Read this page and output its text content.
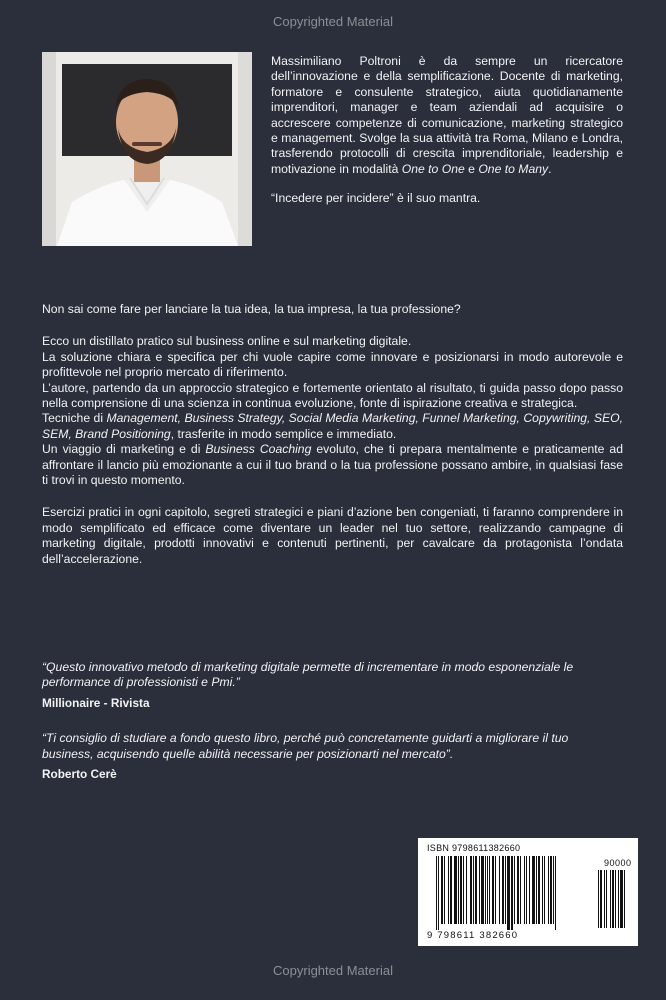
Copyrighted Material

Massimiliano Poltroni è da sempre un ricercatore dell’innovazione e della semplificazione. Docente di marketing, formatore e consulente strategico, aiuta quotidianamente imprenditori, manager e team aziendali ad acquisire o accrescere competenze di comunicazione, marketing strategico e management. Svolge la sua attività tra Roma, Milano e Londra, trasferendo protocolli di crescita imprenditoriale, leadership e motivazione in modalità One to One e One to Many.

“Incedere per incidere” è il suo mantra.

Non sai come fare per lanciare la tua idea, la tua impresa, la tua professione?

Ecco un distillato pratico sul business online e sul marketing digitale.

La soluzione chiara e specifica per chi vuole capire come innovare e posizionarsi in modo autorevole e profittevole nel proprio mercato di riferimento.

L’autore, partendo da un approccio strategico e fortemente orientato al risultato, ti guida passo dopo passo nella comprensione di una scienza in continua evoluzione, fonte di ispirazione creativa e strategica.

Tecniche di Management, Business Strategy, Social Media Marketing, Funnel Marketing, Copywriting, SEO, SEM, Brand Positioning, trasferite in modo semplice e immediato.

Un viaggio di marketing e di Business Coaching evoluto, che ti prepara mentalmente e praticamente ad affrontare il lancio più emozionante a cui il tuo brand o la tua professione possano ambire, in qualsiasi fase ti trovi in questo momento.

Esercizi pratici in ogni capitolo, segreti strategici e piani d’azione ben congeniati, ti faranno comprendere in modo semplificato ed efficace come diventare un leader nel tuo settore, realizzando campagne di marketing digitale, prodotti innovativi e contenuti pertinenti, per cavalcare da protagonista l’ondata dell’accelerazione.

“Questo innovativo metodo di marketing digitale permette di incrementare in modo esponenziale le performance di professionisti e Pmi.”

Millionaire - Rivista

“Ti consiglio di studiare a fondo questo libro, perché può concretamente guidarti a migliorare il tuo business, acquisendo quelle abilità necessarie per posizionarti nel mercato”.

Roberto Cerè

ISBN 9798611382660
90000
9 798611 382660
Copyrighted Material
